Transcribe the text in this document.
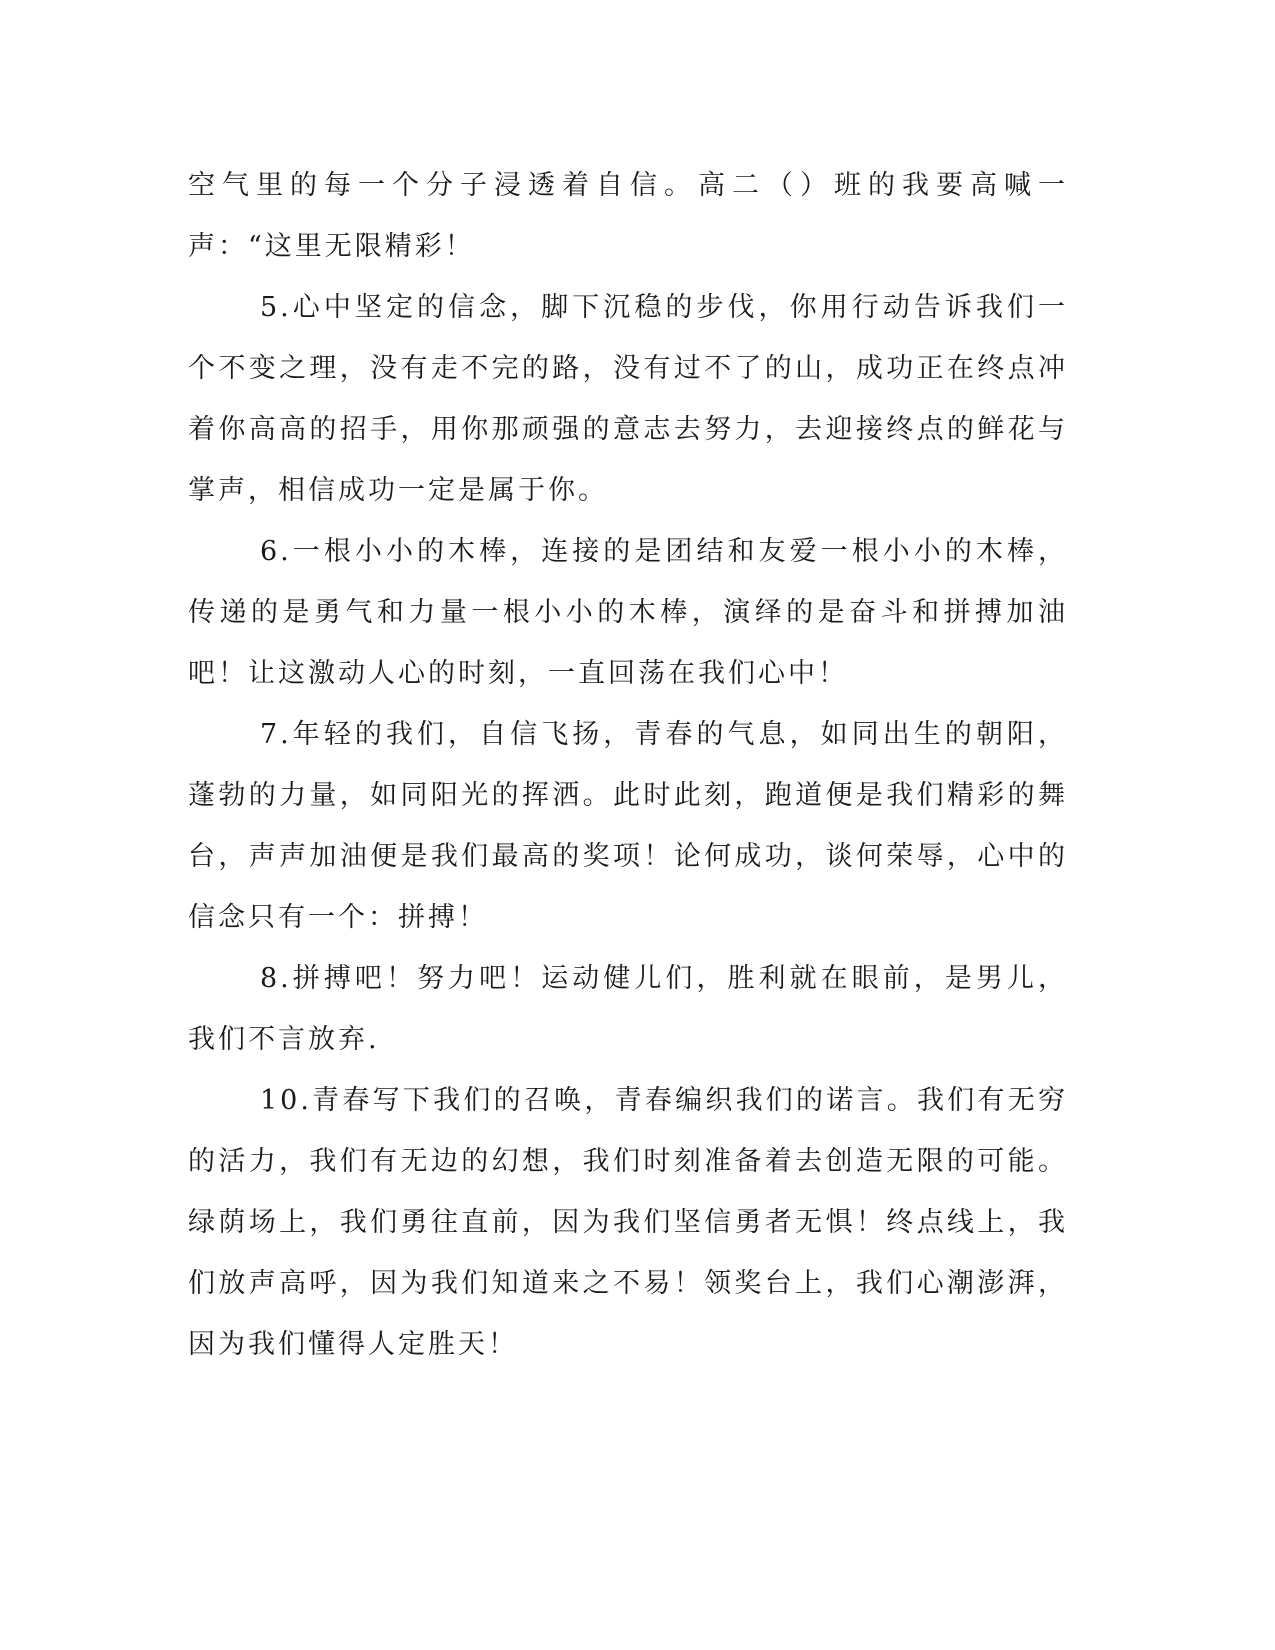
空气里的每一个分子浸透着自信。高二（）班的我要高喊一声：“这里无限精彩！

5.心中坚定的信念，脚下沉稳的步伐，你用行动告诉我们一个不变之理，没有走不完的路，没有过不了的山，成功正在终点冲着你高高的招手，用你那顽强的意志去努力，去迎接终点的鲜花与掌声，相信成功一定是属于你。

6.一根小小的木棒，连接的是团结和友爱一根小小的木棒，传递的是勇气和力量一根小小的木棒，演绎的是奋斗和拼搏加油吧！让这激动人心的时刻，一直回荡在我们心中！

7.年轻的我们，自信飞扬，青春的气息，如同出生的朝阳，蓬勃的力量，如同阳光的挥洒。此时此刻，跑道便是我们精彩的舞台，声声加油便是我们最高的奖项！论何成功，谈何荣辱，心中的信念只有一个：拼搏！

8.拼搏吧！努力吧！运动健儿们，胜利就在眼前，是男儿，我们不言放弃.

10.青春写下我们的召唤，青春编织我们的诺言。我们有无穷的活力，我们有无边的幻想，我们时刻准备着去创造无限的可能。绿荫场上，我们勇往直前，因为我们坚信勇者无惧！终点线上，我们放声高呼，因为我们知道来之不易！领奖台上，我们心潮澎湃，因为我们懂得人定胜天！
